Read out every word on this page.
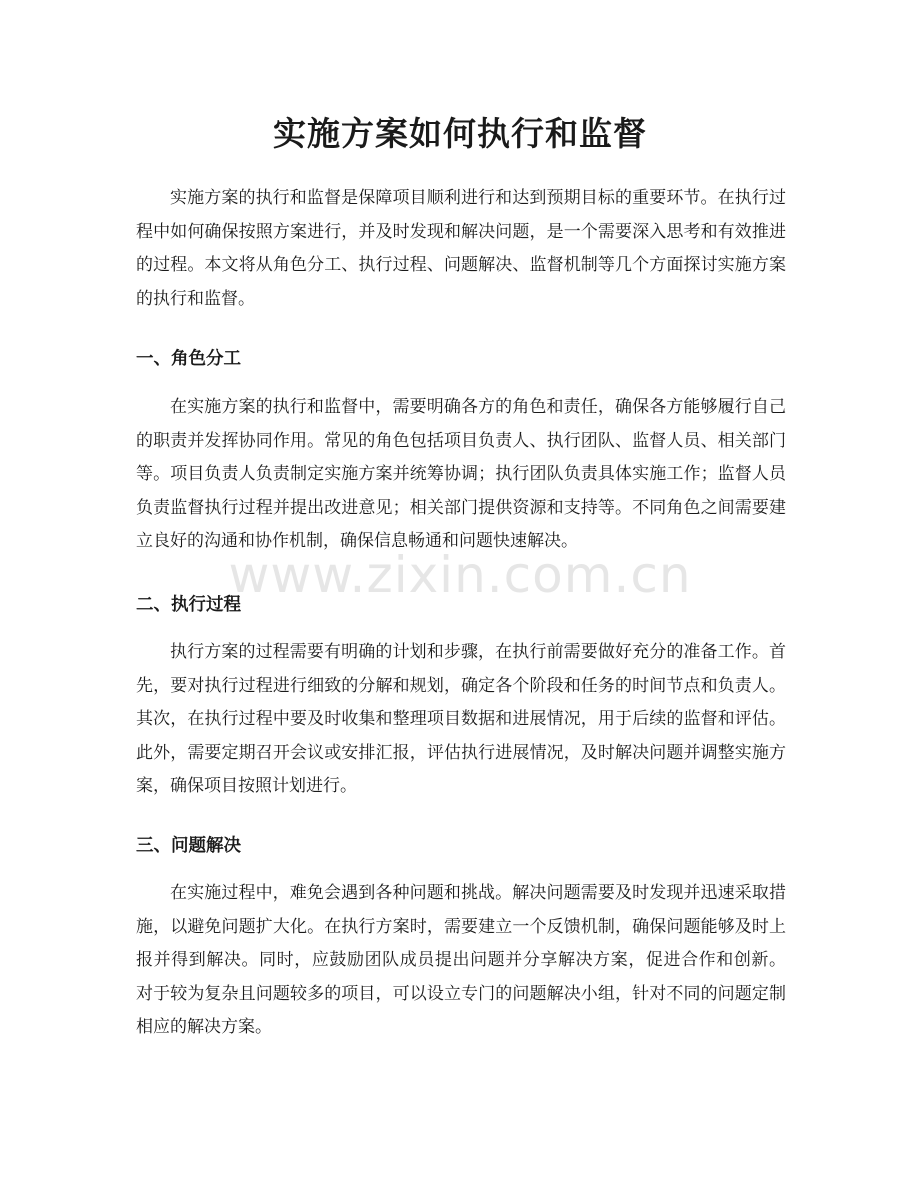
实施方案如何执行和监督

实施方案的执行和监督是保障项目顺利进行和达到预期目标的重要环节。在执行过程中如何确保按照方案进行，并及时发现和解决问题，是一个需要深入思考和有效推进的过程。本文将从角色分工、执行过程、问题解决、监督机制等几个方面探讨实施方案的执行和监督。

一、角色分工

在实施方案的执行和监督中，需要明确各方的角色和责任，确保各方能够履行自己的职责并发挥协同作用。常见的角色包括项目负责人、执行团队、监督人员、相关部门等。项目负责人负责制定实施方案并统筹协调；执行团队负责具体实施工作；监督人员负责监督执行过程并提出改进意见；相关部门提供资源和支持等。不同角色之间需要建立良好的沟通和协作机制，确保信息畅通和问题快速解决。

二、执行过程

执行方案的过程需要有明确的计划和步骤，在执行前需要做好充分的准备工作。首先，要对执行过程进行细致的分解和规划，确定各个阶段和任务的时间节点和负责人。其次，在执行过程中要及时收集和整理项目数据和进展情况，用于后续的监督和评估。此外，需要定期召开会议或安排汇报，评估执行进展情况，及时解决问题并调整实施方案，确保项目按照计划进行。

三、问题解决

在实施过程中，难免会遇到各种问题和挑战。解决问题需要及时发现并迅速采取措施，以避免问题扩大化。在执行方案时，需要建立一个反馈机制，确保问题能够及时上报并得到解决。同时，应鼓励团队成员提出问题并分享解决方案，促进合作和创新。 对于较为复杂且问题较多的项目，可以设立专门的问题解决小组，针对不同的问题定制相应的解决方案。

www.zixin.com.cn
